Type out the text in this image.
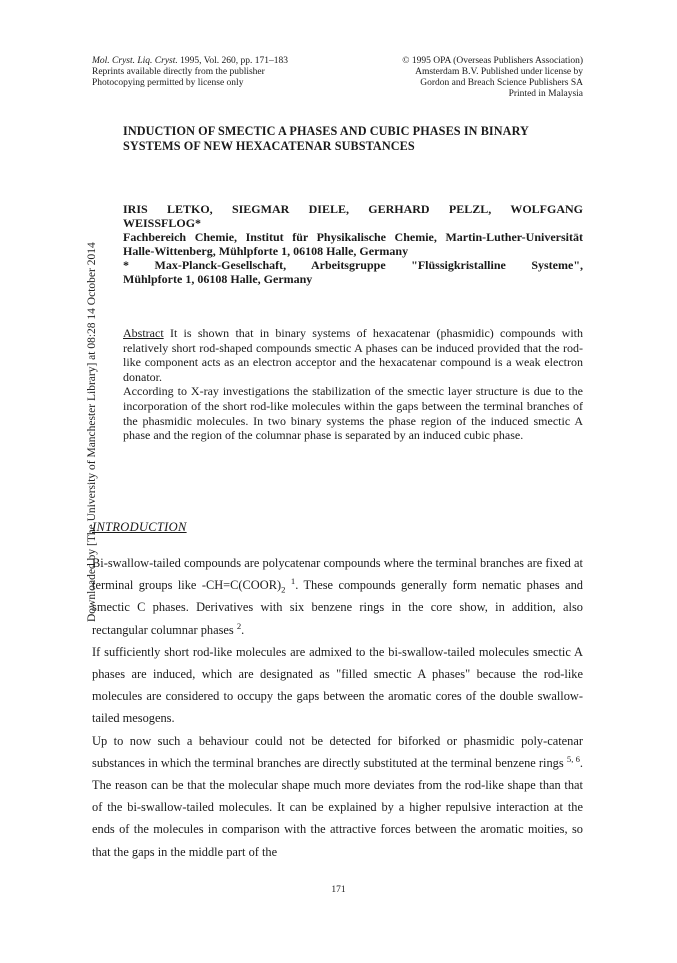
Downloaded by [The University of Manchester Library] at 08:28 14 October 2014
Mol. Cryst. Liq. Cryst. 1995, Vol. 260, pp. 171–183
Reprints available directly from the publisher
Photocopying permitted by license only
© 1995 OPA (Overseas Publishers Association)
Amsterdam B.V. Published under license by
Gordon and Breach Science Publishers SA
Printed in Malaysia
INDUCTION OF SMECTIC A PHASES AND CUBIC PHASES IN BINARY
SYSTEMS OF NEW HEXACATENAR SUBSTANCES
IRIS LETKO, SIEGMAR DIELE, GERHARD PELZL, WOLFGANG
WEISSFLOG*
Fachbereich Chemie, Institut für Physikalische Chemie, Martin-Luther-Universität
Halle-Wittenberg, Mühlpforte 1, 06108 Halle, Germany
* Max-Planck-Gesellschaft, Arbeitsgruppe "Flüssigkristalline Systeme",
Mühlpforte 1, 06108 Halle, Germany
Abstract It is shown that in binary systems of hexacatenar (phasmidic) compounds with relatively short rod-shaped compounds smectic A phases can be induced provided that the rod-like component acts as an electron acceptor and the hexacatenar compound is a weak electron donator.
According to X-ray investigations the stabilization of the smectic layer structure is due to the incorporation of the short rod-like molecules within the gaps between the terminal branches of the phasmidic molecules. In two binary systems the phase region of the induced smectic A phase and the region of the columnar phase is separated by an induced cubic phase.
INTRODUCTION

Bi-swallow-tailed compounds are polycatenar compounds where the terminal branches are fixed at terminal groups like $-CH=C(COOR)_2$ $^1$. These compounds generally form nematic phases and smectic C phases. Derivatives with six benzene rings in the core show, in addition, also rectangular columnar phases $^2$.

If sufficiently short rod-like molecules are admixed to the bi-swallow-tailed molecules smectic A phases are induced, which are designated as "filled smectic A phases" because the rod-like molecules are considered to occupy the gaps between the aromatic cores of the double swallow-tailed mesogens.

Up to now such a behaviour could not be detected for biforked or phasmidic poly-catenar substances in which the terminal branches are directly substituted at the terminal benzene rings $^{5, 6}$. The reason can be that the molecular shape much more deviates from the rod-like shape than that of the bi-swallow-tailed molecules. It can be explained by a higher repulsive interaction at the ends of the molecules in comparison with the attractive forces between the aromatic moities, so that the gaps in the middle part of the

171
